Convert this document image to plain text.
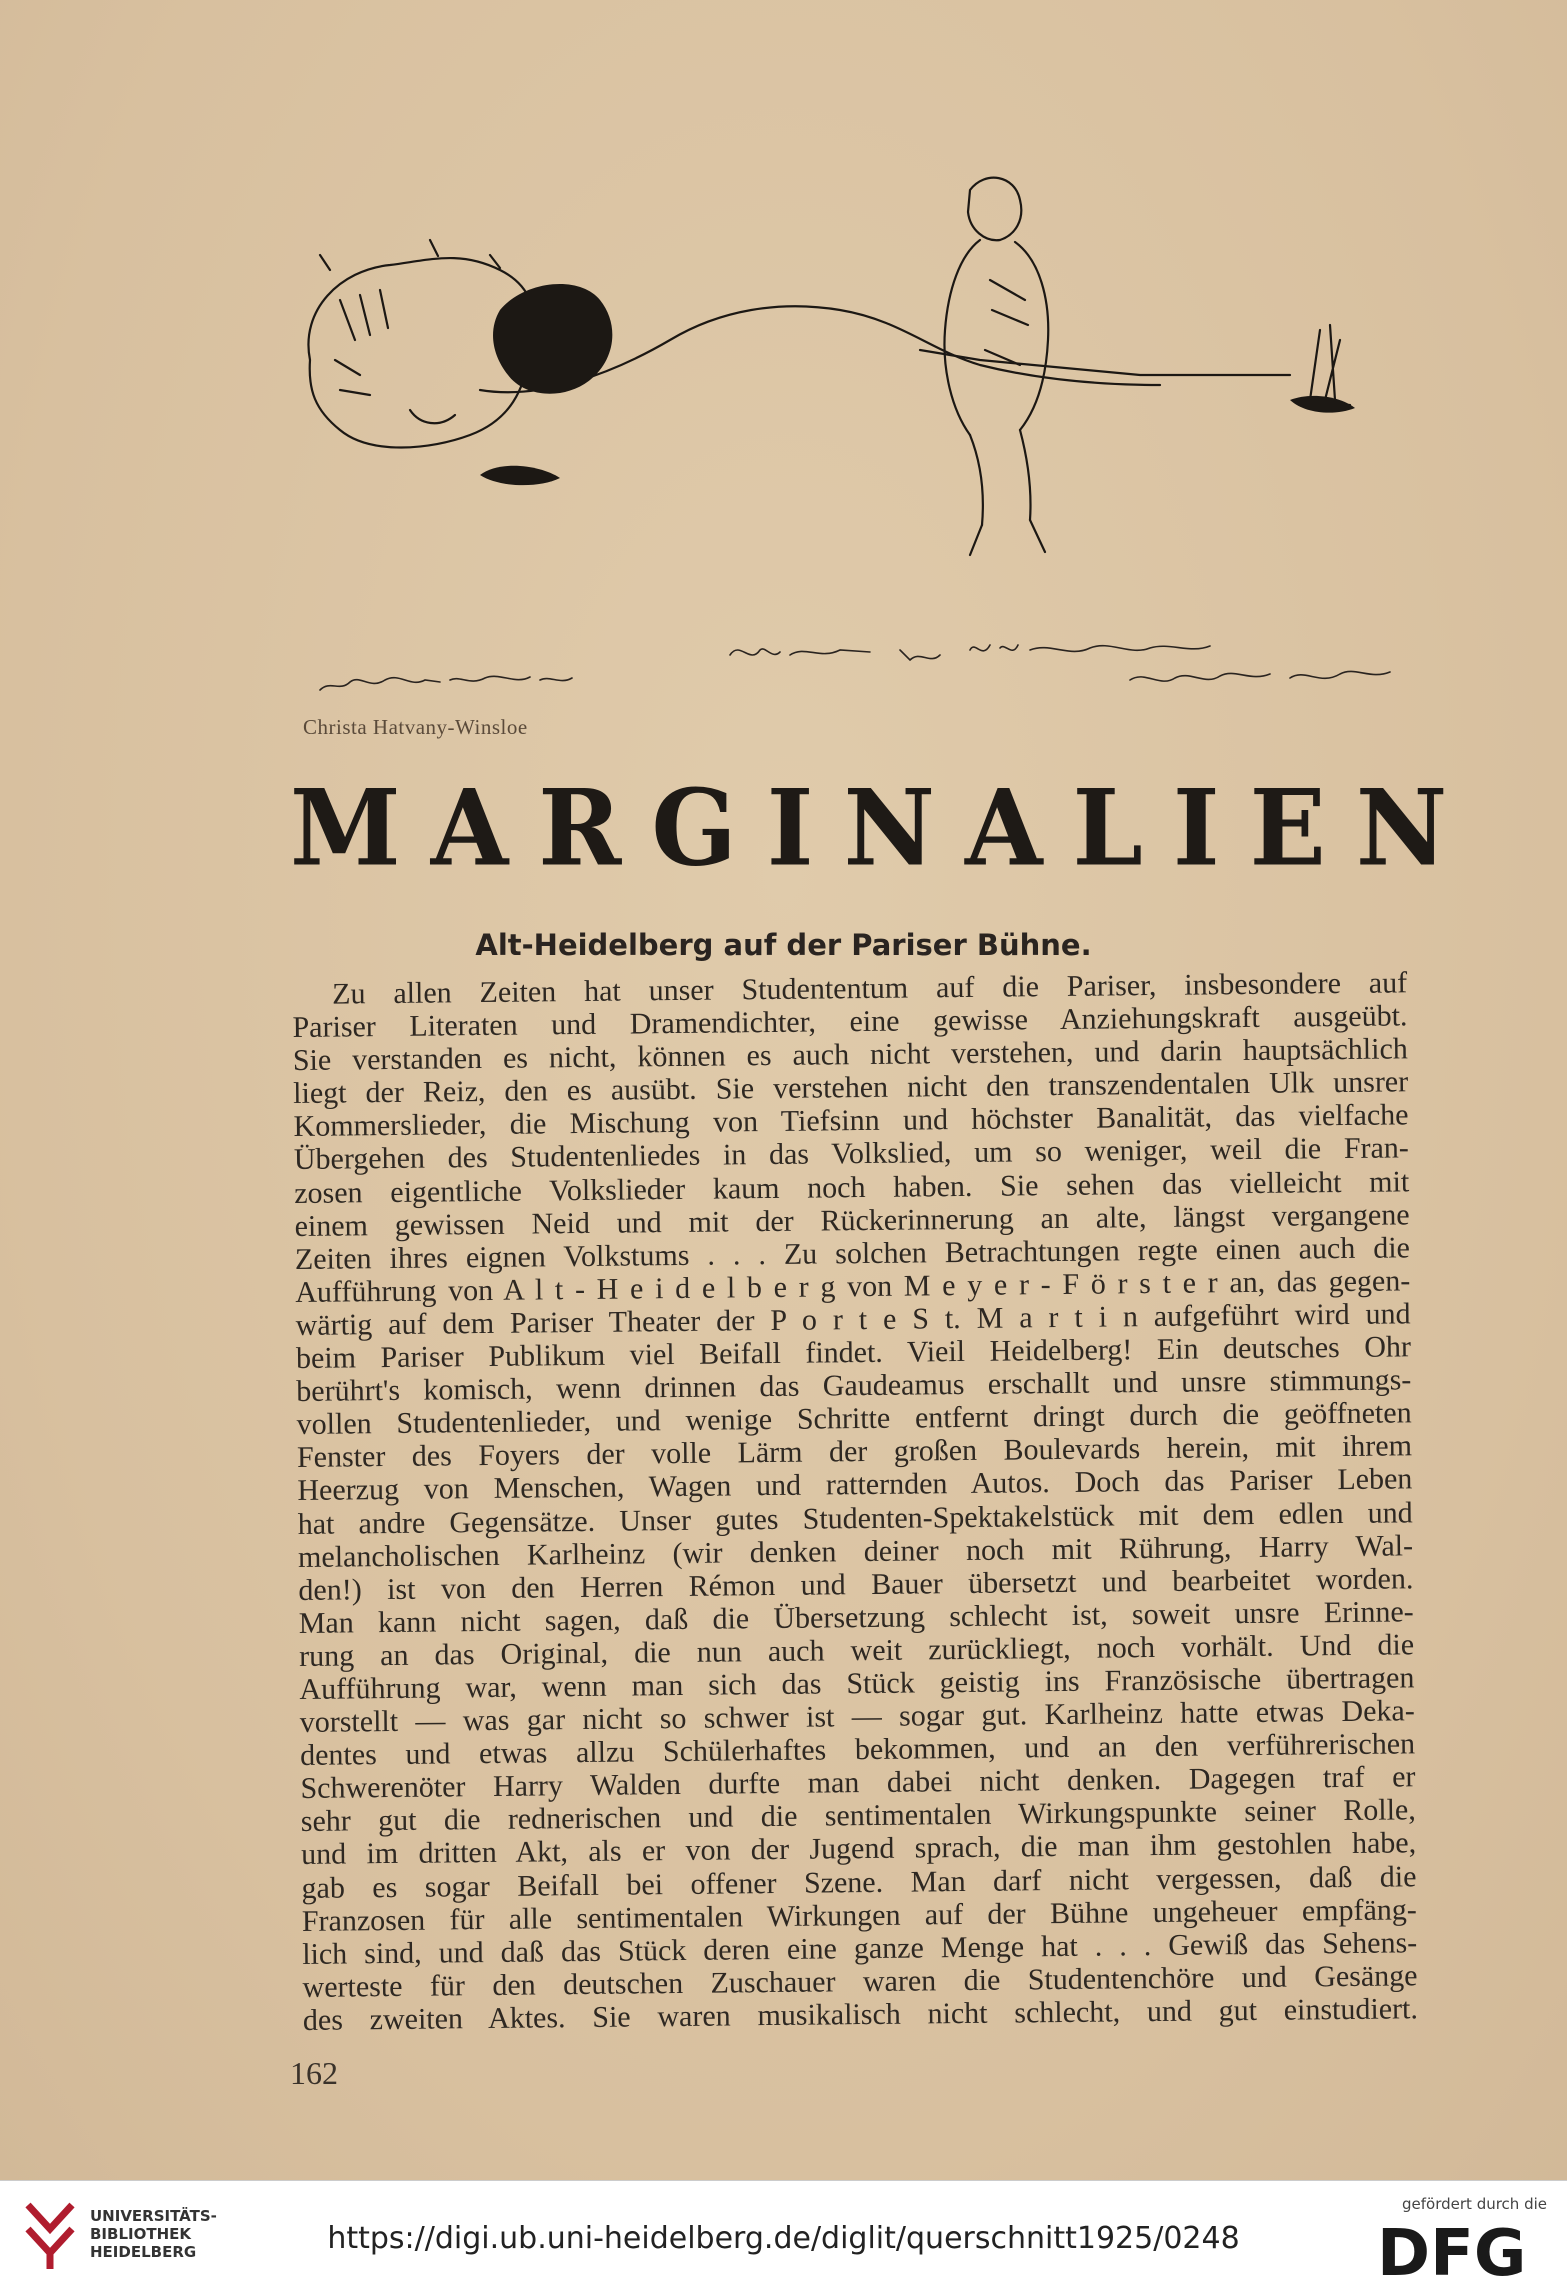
Christa Hatvany-Winsloe
MARGINALIEN
Alt-Heidelberg auf der Pariser Bühne.
Zu allen Zeiten hat unser Studententum auf die Pariser, insbesondere auf
Pariser Literaten und Dramendichter, eine gewisse Anziehungskraft ausgeübt.
Sie verstanden es nicht, können es auch nicht verstehen, und darin hauptsächlich
liegt der Reiz, den es ausübt. Sie verstehen nicht den transzendentalen Ulk unsrer
Kommerslieder, die Mischung von Tiefsinn und höchster Banalität, das vielfache
Übergehen des Studentenliedes in das Volkslied, um so weniger, weil die Fran-
zosen eigentliche Volkslieder kaum noch haben. Sie sehen das vielleicht mit
einem gewissen Neid und mit der Rückerinnerung an alte, längst vergangene
Zeiten ihres eignen Volkstums . . . Zu solchen Betrachtungen regte einen auch die
Aufführung von A l t - H e i d e l b e r g von M e y e r - F ö r s t e r an, das gegen-
wärtig auf dem Pariser Theater der P o r t e S t. M a r t i n aufgeführt wird und
beim Pariser Publikum viel Beifall findet. Vieil Heidelberg! Ein deutsches Ohr
berührt's komisch, wenn drinnen das Gaudeamus erschallt und unsre stimmungs-
vollen Studentenlieder, und wenige Schritte entfernt dringt durch die geöffneten
Fenster des Foyers der volle Lärm der großen Boulevards herein, mit ihrem
Heerzug von Menschen, Wagen und ratternden Autos. Doch das Pariser Leben
hat andre Gegensätze. Unser gutes Studenten-Spektakelstück mit dem edlen und
melancholischen Karlheinz (wir denken deiner noch mit Rührung, Harry Wal-
den!) ist von den Herren Rémon und Bauer übersetzt und bearbeitet worden.
Man kann nicht sagen, daß die Übersetzung schlecht ist, soweit unsre Erinne-
rung an das Original, die nun auch weit zurückliegt, noch vorhält. Und die
Aufführung war, wenn man sich das Stück geistig ins Französische übertragen
vorstellt — was gar nicht so schwer ist — sogar gut. Karlheinz hatte etwas Deka-
dentes und etwas allzu Schülerhaftes bekommen, und an den verführerischen
Schwerenöter Harry Walden durfte man dabei nicht denken. Dagegen traf er
sehr gut die rednerischen und die sentimentalen Wirkungspunkte seiner Rolle,
und im dritten Akt, als er von der Jugend sprach, die man ihm gestohlen habe,
gab es sogar Beifall bei offener Szene. Man darf nicht vergessen, daß die
Franzosen für alle sentimentalen Wirkungen auf der Bühne ungeheuer empfäng-
lich sind, und daß das Stück deren eine ganze Menge hat . . . Gewiß das Sehens-
werteste für den deutschen Zuschauer waren die Studentenchöre und Gesänge
des zweiten Aktes. Sie waren musikalisch nicht schlecht, und gut einstudiert.
162
UNIVERSITÄTS-
BIBLIOTHEK
HEIDELBERG	https://digi.ub.uni-heidelberg.de/diglit/querschnitt1925/0248
gefördert durch die
DFG
